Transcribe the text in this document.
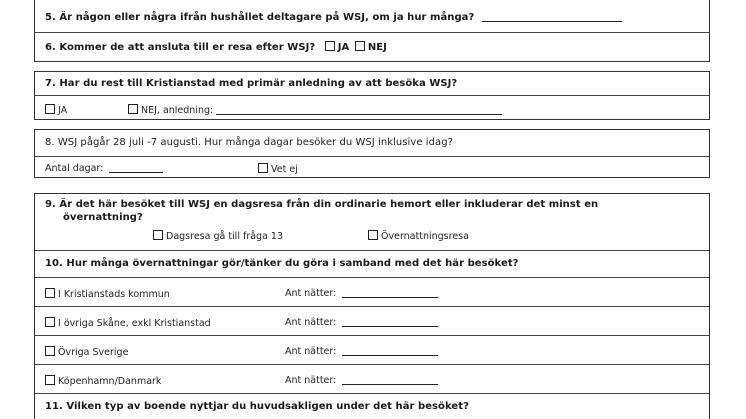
5. Är någon eller några ifrån hushållet deltagare på WSJ, om ja hur många?
6. Kommer de att ansluta till er resa efter WSJ? JA NEJ
7. Har du rest till Kristianstad med primär anledning av att besöka WSJ?
JA	NEJ, anledning:
8. WSJ pågår 28 juli -7 augusti. Hur många dagar besöker du WSJ inklusive idag?
Antal dagar:	Vet ej
9. Är det här besöket till WSJ en dagsresa från din ordinarie hemort eller inkluderar det minst en
övernattning?
Dagsresa gå till fråga 13	Övernattningsresa
10. Hur många övernattningar gör/tänker du göra i samband med det här besöket?
I Kristianstads kommun	Ant nätter:
I övriga Skåne, exkl Kristianstad	Ant nätter:
Övriga Sverige	Ant nätter:
Köpenhamn/Danmark	Ant nätter:
11. Vilken typ av boende nyttjar du huvudsakligen under det här besöket?
